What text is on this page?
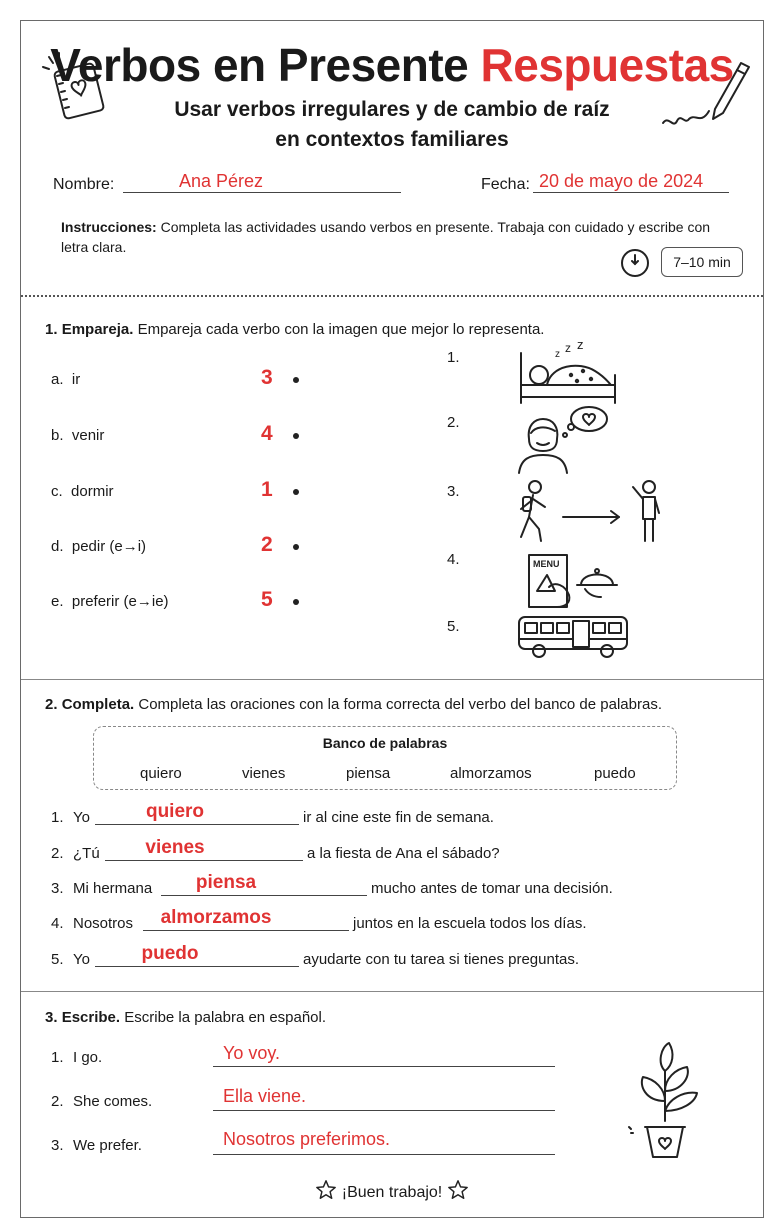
Verbos en Presente Respuestas
Usar verbos irregulares y de cambio de raíz
en contextos familiares
Nombre:	Ana Pérez	Fecha: 20 de mayo de 2024
Instrucciones: Completa las actividades usando verbos en presente. Trabaja con cuidado y escribe con letra clara.
7–10 min
1. Empareja. Empareja cada verbo con la imagen que mejor lo representa.
a. ir	3
b. venir	4
c. dormir	1
d. pedir (e→i)	2
e. preferir (e→ie)	5
1.	z z z
2.
3.
4.	MENU
5.
2. Completa. Completa las oraciones con la forma correcta del verbo del banco de palabras.
Banco de palabras
quiero	vienes	piensa	almorzamos	puedo
1. Yo	quiero	ir al cine este fin de semana.
2. ¿Tú	vienes	a la fiesta de Ana el sábado?
3. Mi hermana	piensa	mucho antes de tomar una decisión.
4. Nosotros	almorzamos	juntos en la escuela todos los días.
5. Yo	puedo	ayudarte con tu tarea si tienes preguntas.
3. Escribe. Escribe la palabra en español.
1. I go.	Yo voy.
2. She comes.	Ella viene.
3. We prefer.	Nosotros preferimos.
¡Buen trabajo!
